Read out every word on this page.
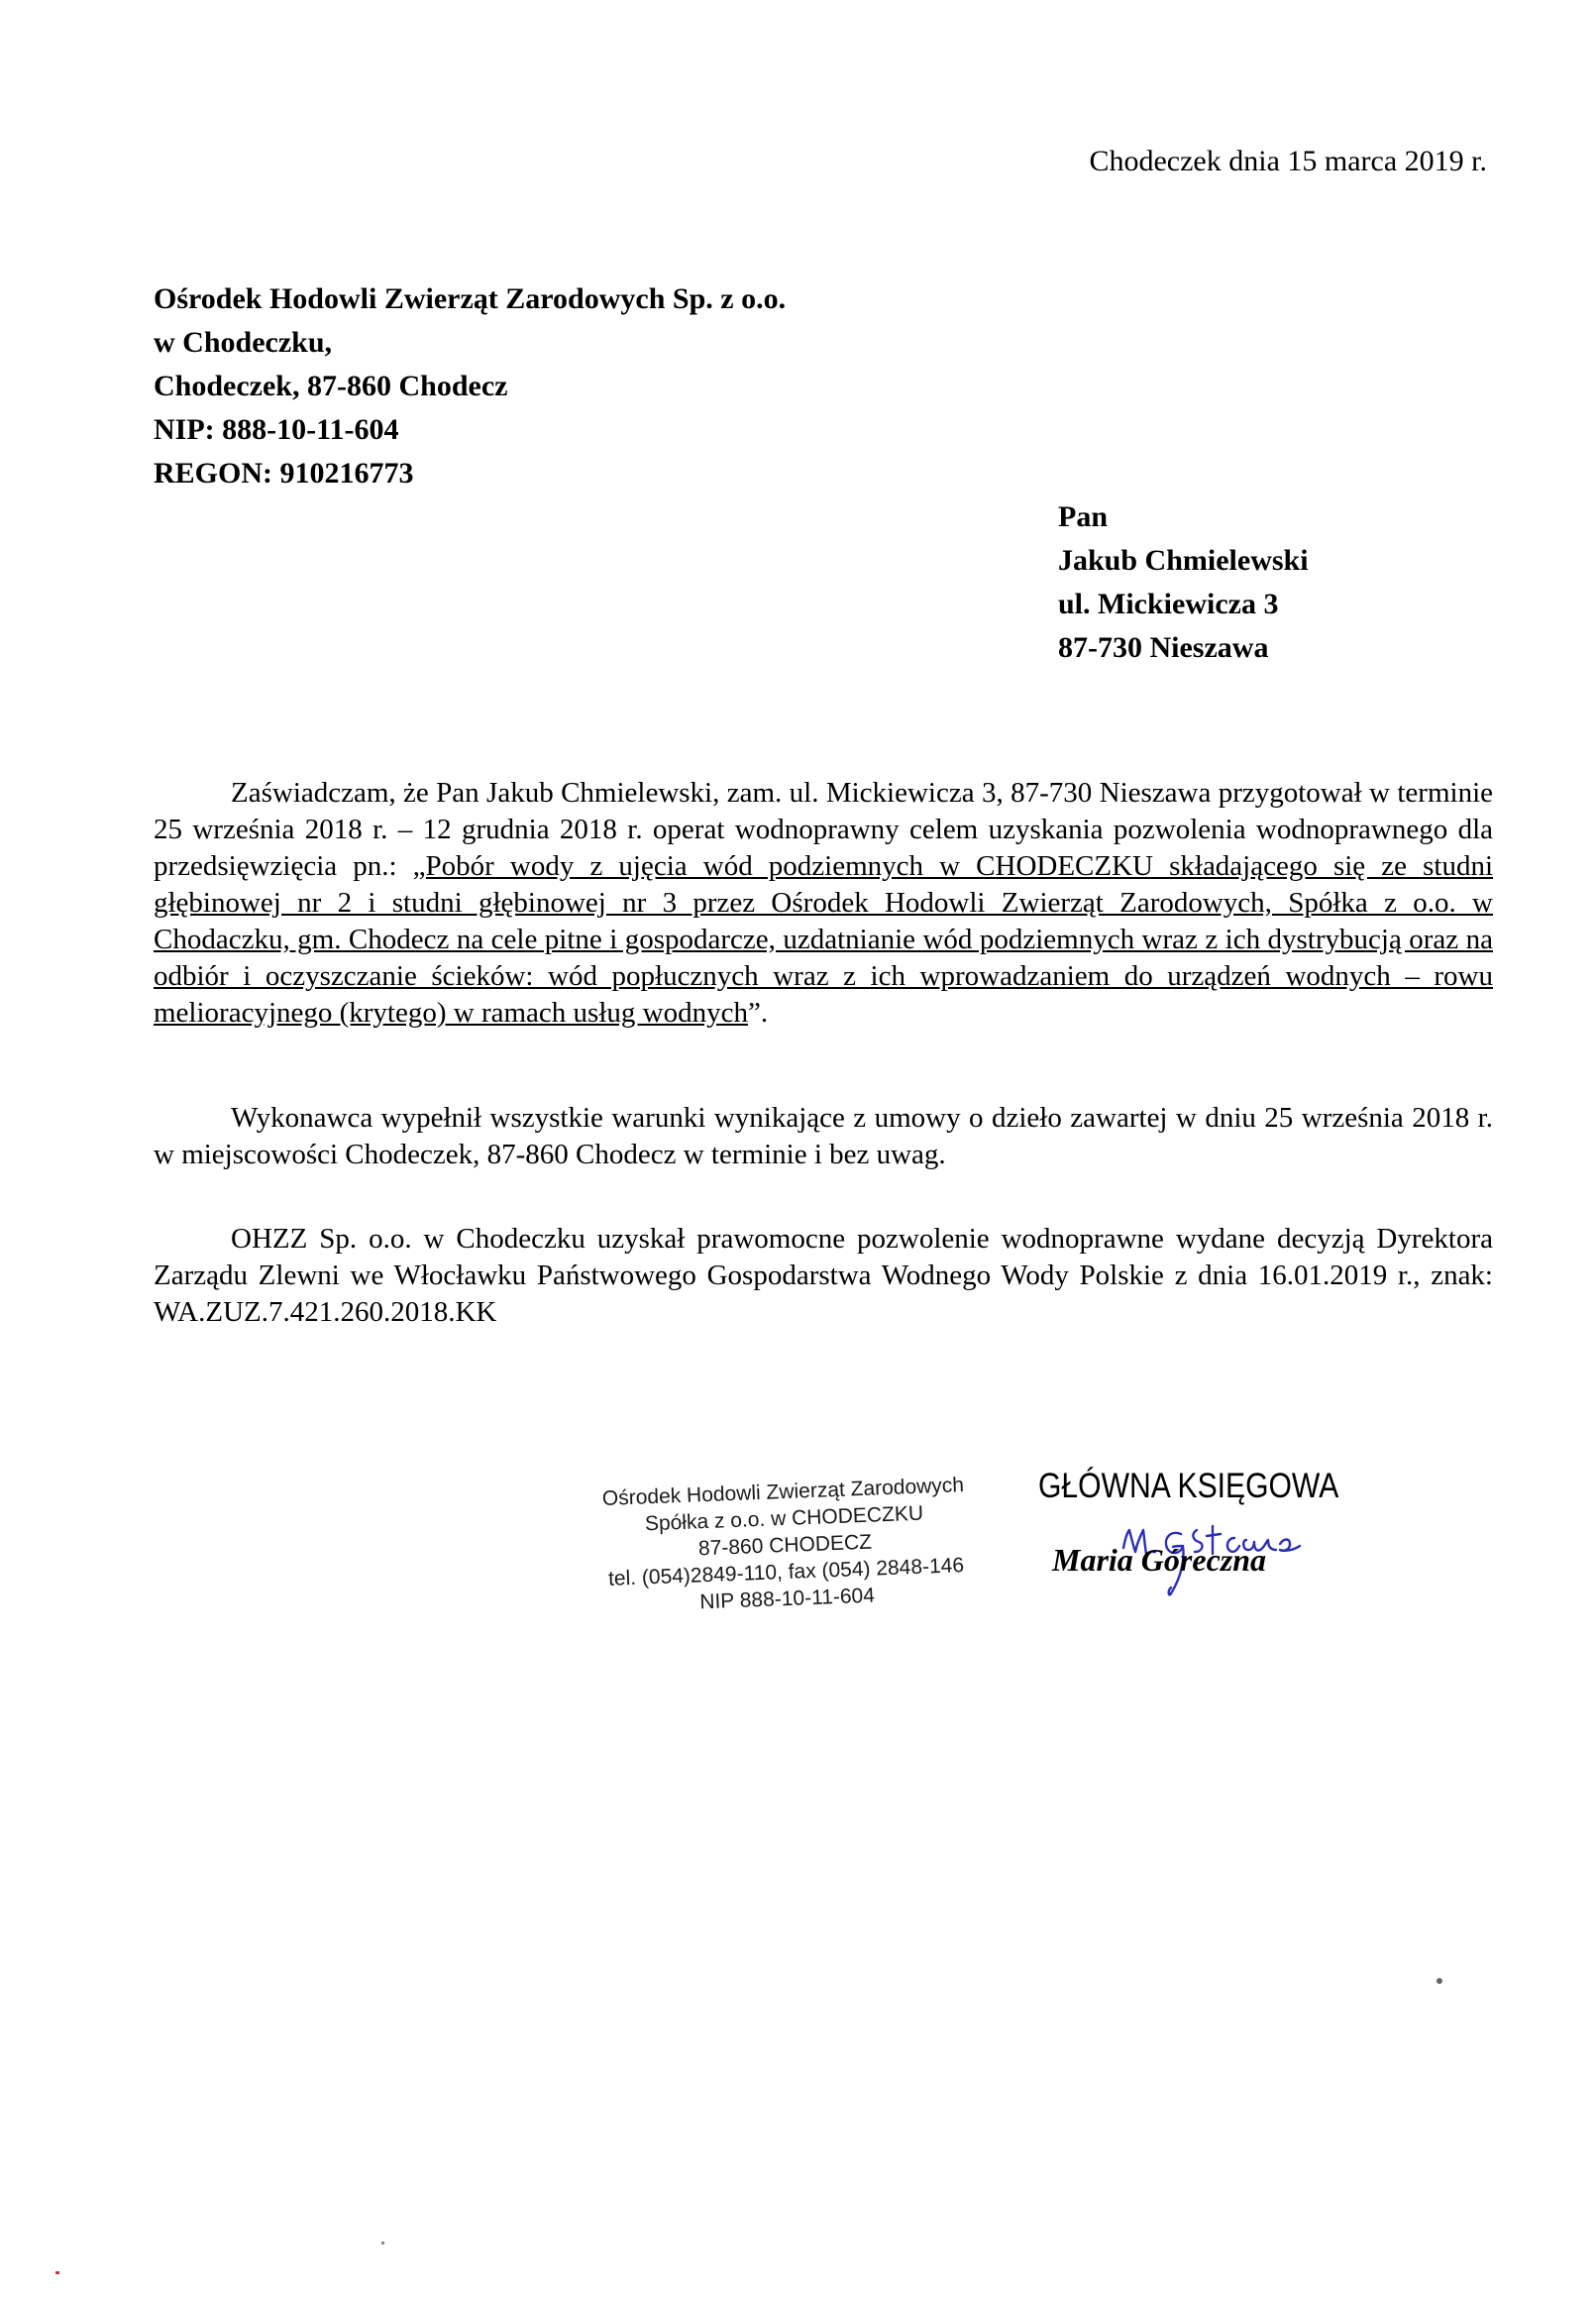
Chodeczek dnia 15 marca 2019 r.
Ośrodek Hodowli Zwierząt Zarodowych Sp. z o.o.
w Chodeczku,
Chodeczek, 87-860 Chodecz
NIP: 888-10-11-604
REGON: 910216773
Pan
Jakub Chmielewski
ul. Mickiewicza 3
87-730 Nieszawa
Zaświadczam, że Pan Jakub Chmielewski, zam. ul. Mickiewicza 3, 87-730 Nieszawa przygotował w terminie 25 września 2018 r. – 12 grudnia 2018 r. operat wodnoprawny celem uzyskania pozwolenia wodnoprawnego dla przedsięwzięcia pn.: „Pobór wody z ujęcia wód podziemnych w CHODECZKU składającego się ze studni głębinowej nr 2 i studni głębinowej nr 3 przez Ośrodek Hodowli Zwierząt Zarodowych, Spółka z o.o. w Chodaczku, gm. Chodecz na cele pitne i gospodarcze, uzdatnianie wód podziemnych wraz z ich dystrybucją oraz na odbiór i oczyszczanie ścieków: wód popłucznych wraz z ich wprowadzaniem do urządzeń wodnych – rowu melioracyjnego (krytego) w ramach usług wodnych”.
Wykonawca wypełnił wszystkie warunki wynikające z umowy o dzieło zawartej w dniu 25 września 2018 r. w miejscowości Chodeczek, 87-860 Chodecz w terminie i bez uwag.
OHZZ Sp. o.o. w Chodeczku uzyskał prawomocne pozwolenie wodnoprawne wydane decyzją Dyrektora Zarządu Zlewni we Włocławku Państwowego Gospodarstwa Wodnego Wody Polskie z dnia 16.01.2019 r., znak: WA.ZUZ.7.421.260.2018.KK
Ośrodek Hodowli Zwierząt Zarodowych
Spółka z o.o. w CHODECZKU
87-860 CHODECZ
tel. (054)2849-110, fax (054) 2848-146
NIP 888-10-11-604
GŁÓWNA KSIĘGOWA
Maria Góreczna
